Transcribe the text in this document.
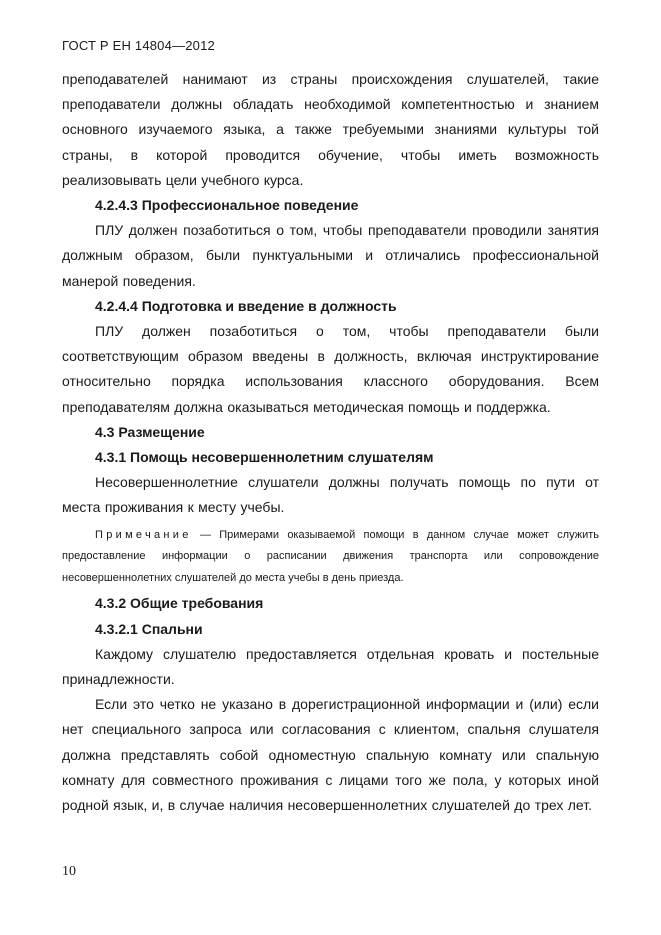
ГОСТ Р ЕН 14804—2012

преподавателей нанимают из страны происхождения слушателей, такие преподаватели должны обладать необходимой компетентностью и знанием основного изучаемого языка, а также требуемыми знаниями культуры той страны, в которой проводится обучение, чтобы иметь возможность реализовывать цели учебного курса.

4.2.4.3 Профессиональное поведение

ПЛУ должен позаботиться о том, чтобы преподаватели проводили занятия должным образом, были пунктуальными и отличались профессиональной манерой поведения.

4.2.4.4 Подготовка и введение в должность

ПЛУ должен позаботиться о том, чтобы преподаватели были соответствующим образом введены в должность, включая инструктирование относительно порядка использования классного оборудования. Всем преподавателям должна оказываться методическая помощь и поддержка.

4.3 Размещение

4.3.1 Помощь несовершеннолетним слушателям

Несовершеннолетние слушатели должны получать помощь по пути от места проживания к месту учебы.

Примечание — Примерами оказываемой помощи в данном случае может служить предоставление информации о расписании движения транспорта или сопровождение несовершеннолетних слушателей до места учебы в день приезда.

4.3.2 Общие требования

4.3.2.1 Спальни

Каждому слушателю предоставляется отдельная кровать и постельные принадлежности.

Если это четко не указано в дорегистрационной информации и (или) если нет специального запроса или согласования с клиентом, спальня слушателя должна представлять собой одноместную спальную комнату или спальную комнату для совместного проживания с лицами того же пола, у которых иной родной язык, и, в случае наличия несовершеннолетних слушателей до трех лет.

10
